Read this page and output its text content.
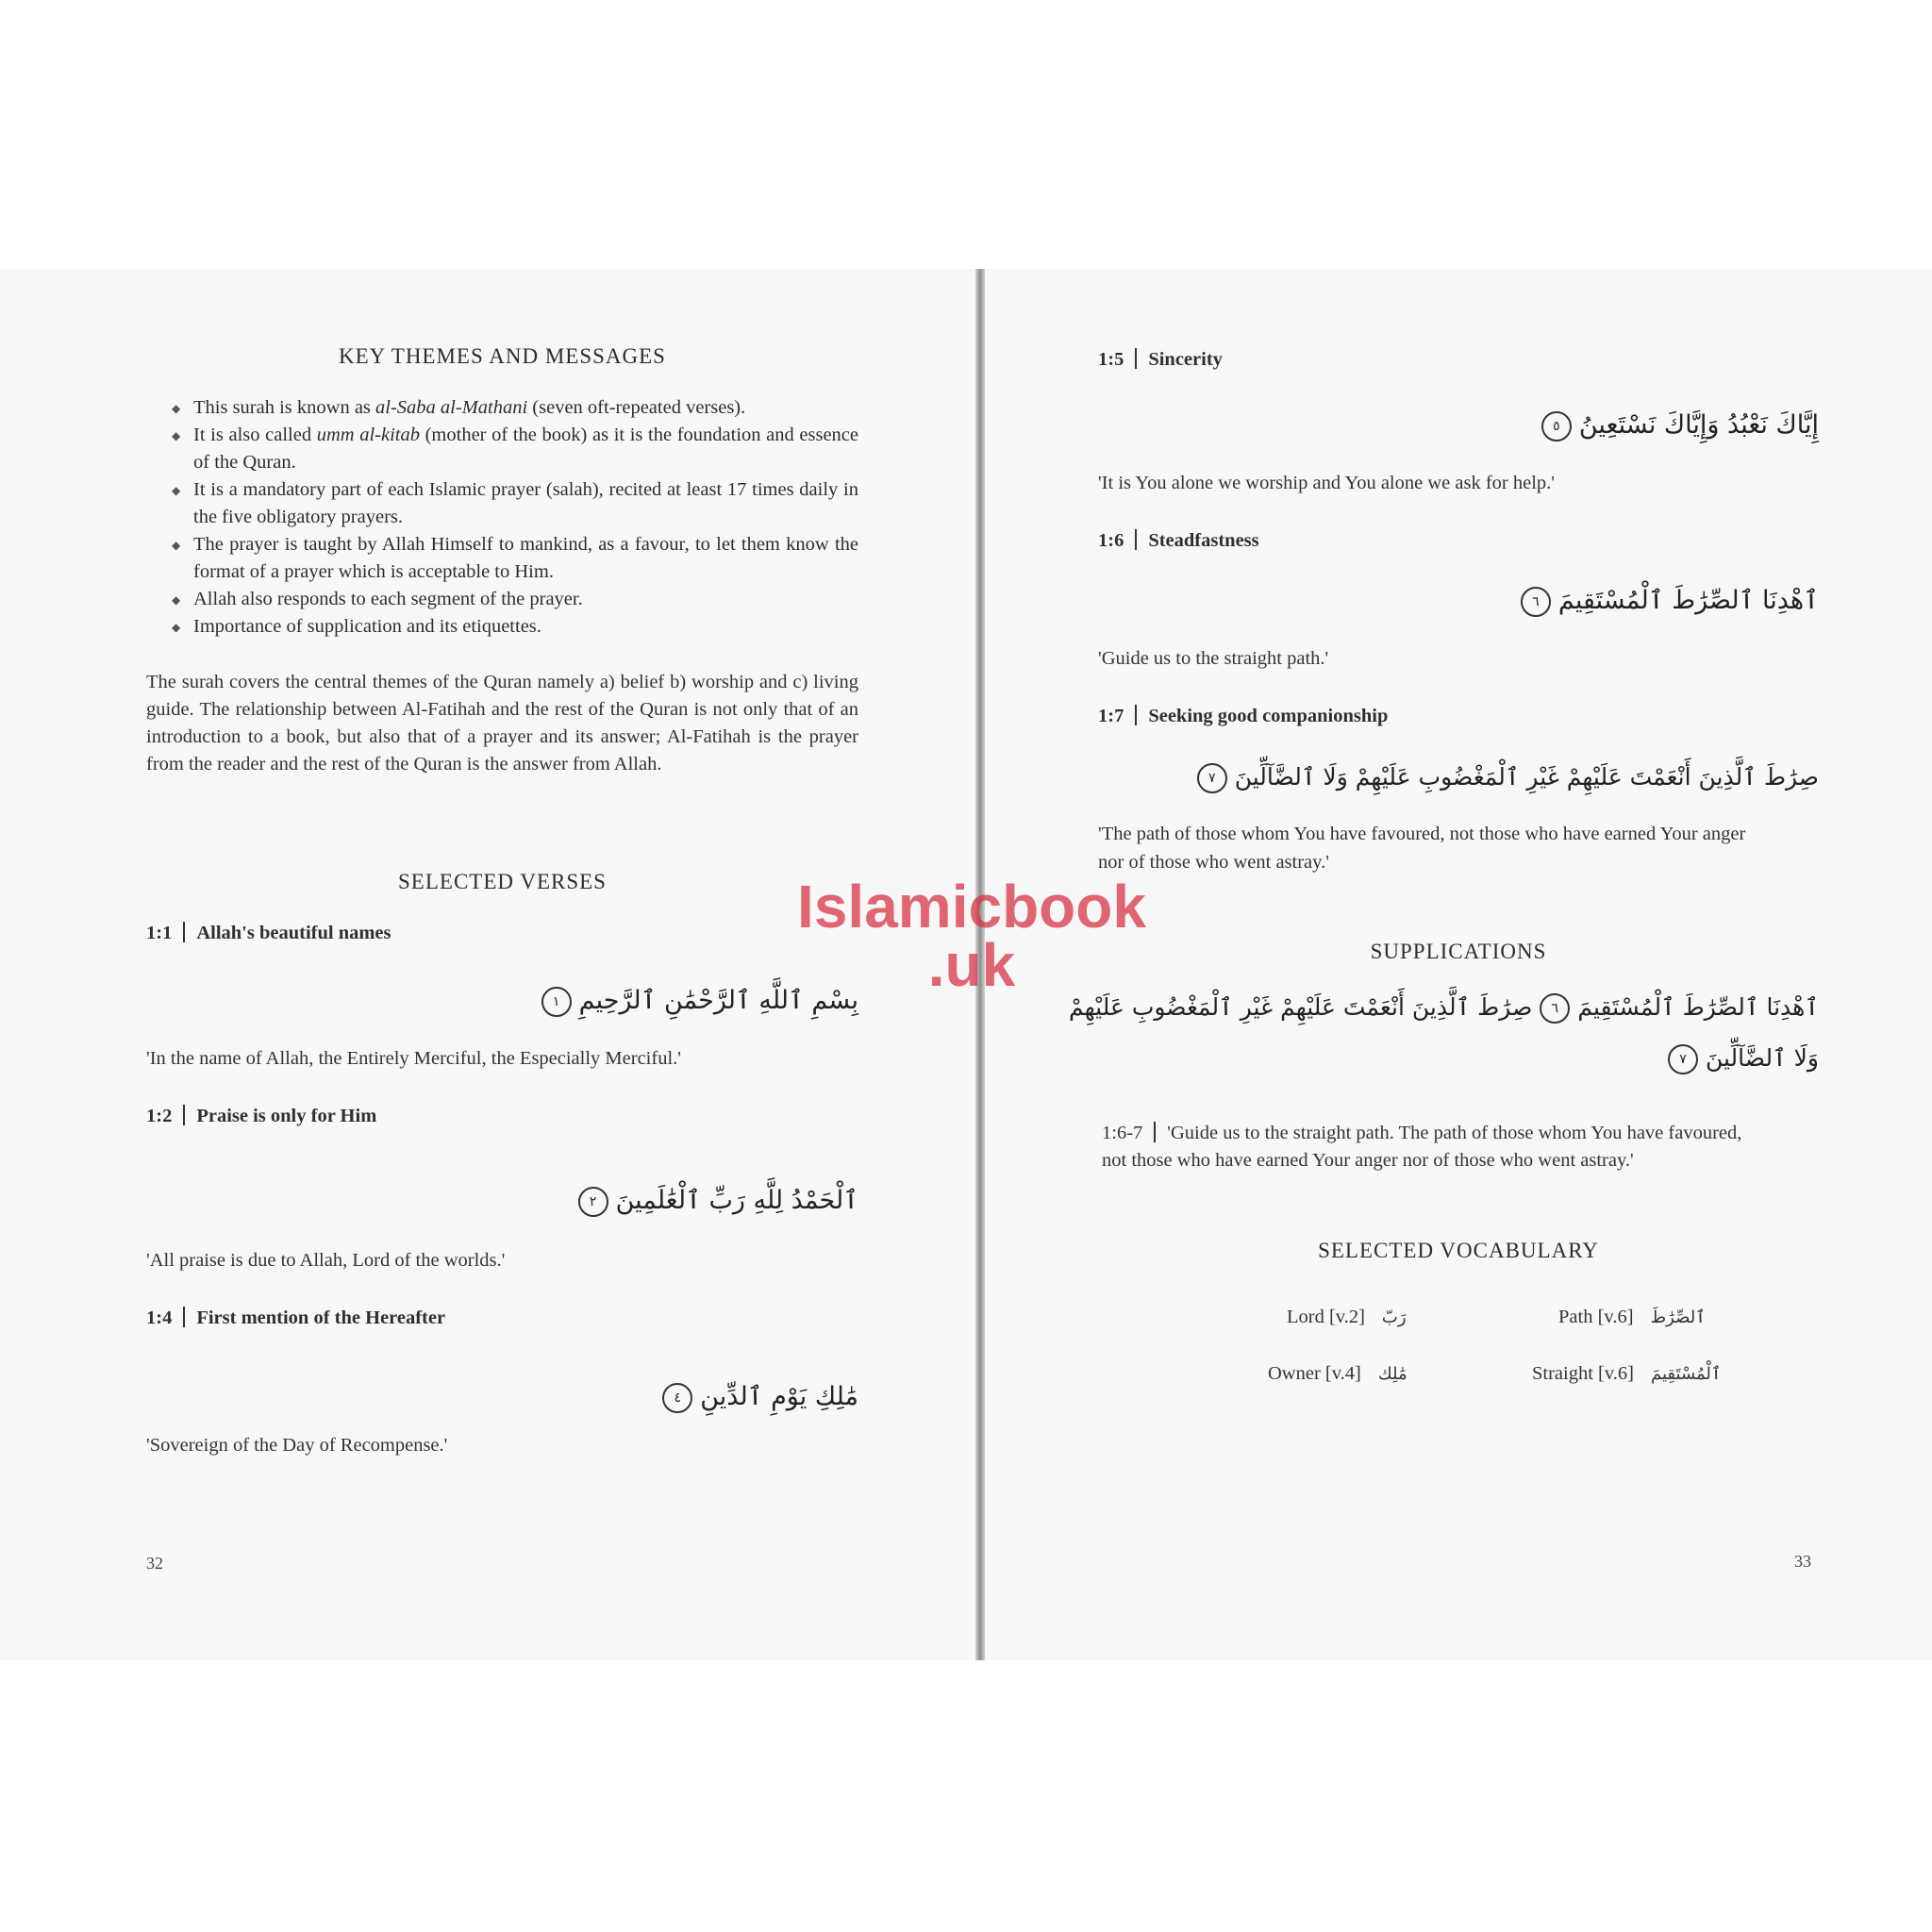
KEY THEMES AND MESSAGES
◆ This surah is known as al-Saba al-Mathani (seven oft-repeated verses).
◆ It is also called umm al-kitab (mother of the book) as it is the foundation and essence of the Quran.
◆ It is a mandatory part of each Islamic prayer (salah), recited at least 17 times daily in the five obligatory prayers.
◆ The prayer is taught by Allah Himself to mankind, as a favour, to let them know the format of a prayer which is acceptable to Him.
◆ Allah also responds to each segment of the prayer.
◆ Importance of supplication and its etiquettes.
The surah covers the central themes of the Quran namely a) belief b) worship and c) living guide. The relationship between Al-Fatihah and the rest of the Quran is not only that of an introduction to a book, but also that of a prayer and its answer; Al-Fatihah is the prayer from the reader and the rest of the Quran is the answer from Allah.
SELECTED VERSES
1:1 Allah's beautiful names
بِسْمِ ٱللَّهِ ٱلرَّحْمَٰنِ ٱلرَّحِيمِ١
'In the name of Allah, the Entirely Merciful, the Especially Merciful.'
1:2 Praise is only for Him
ٱلْحَمْدُ لِلَّهِ رَبِّ ٱلْعَٰلَمِينَ٢
'All praise is due to Allah, Lord of the worlds.'
1:4 First mention of the Hereafter
مَٰلِكِ يَوْمِ ٱلدِّينِ٤
'Sovereign of the Day of Recompense.'
32
1:5 Sincerity
إِيَّاكَ نَعْبُدُ وَإِيَّاكَ نَسْتَعِينُ٥
'It is You alone we worship and You alone we ask for help.'
1:6 Steadfastness
ٱهْدِنَا ٱلصِّرَٰطَ ٱلْمُسْتَقِيمَ٦
'Guide us to the straight path.'
1:7 Seeking good companionship
صِرَٰطَ ٱلَّذِينَ أَنْعَمْتَ عَلَيْهِمْ غَيْرِ ٱلْمَغْضُوبِ عَلَيْهِمْ وَلَا ٱلضَّآلِّينَ٧
'The path of those whom You have favoured, not those who have earned Your anger
nor of those who went astray.'
SUPPLICATIONS
ٱهْدِنَا ٱلصِّرَٰطَ ٱلْمُسْتَقِيمَ٦صِرَٰطَ ٱلَّذِينَ أَنْعَمْتَ عَلَيْهِمْ غَيْرِ ٱلْمَغْضُوبِ عَلَيْهِمْ
وَلَا ٱلضَّآلِّينَ٧
1:6-7 'Guide us to the straight path. The path of those whom You have favoured,
not those who have earned Your anger nor of those who went astray.'
SELECTED VOCABULARY
Lord [v.2] رَبّ	Path [v.6] ٱلصِّرَٰطَ
Owner [v.4] مَٰلِك	Straight [v.6] ٱلْمُسْتَقِيمَ
33
Islamicbook
.uk
